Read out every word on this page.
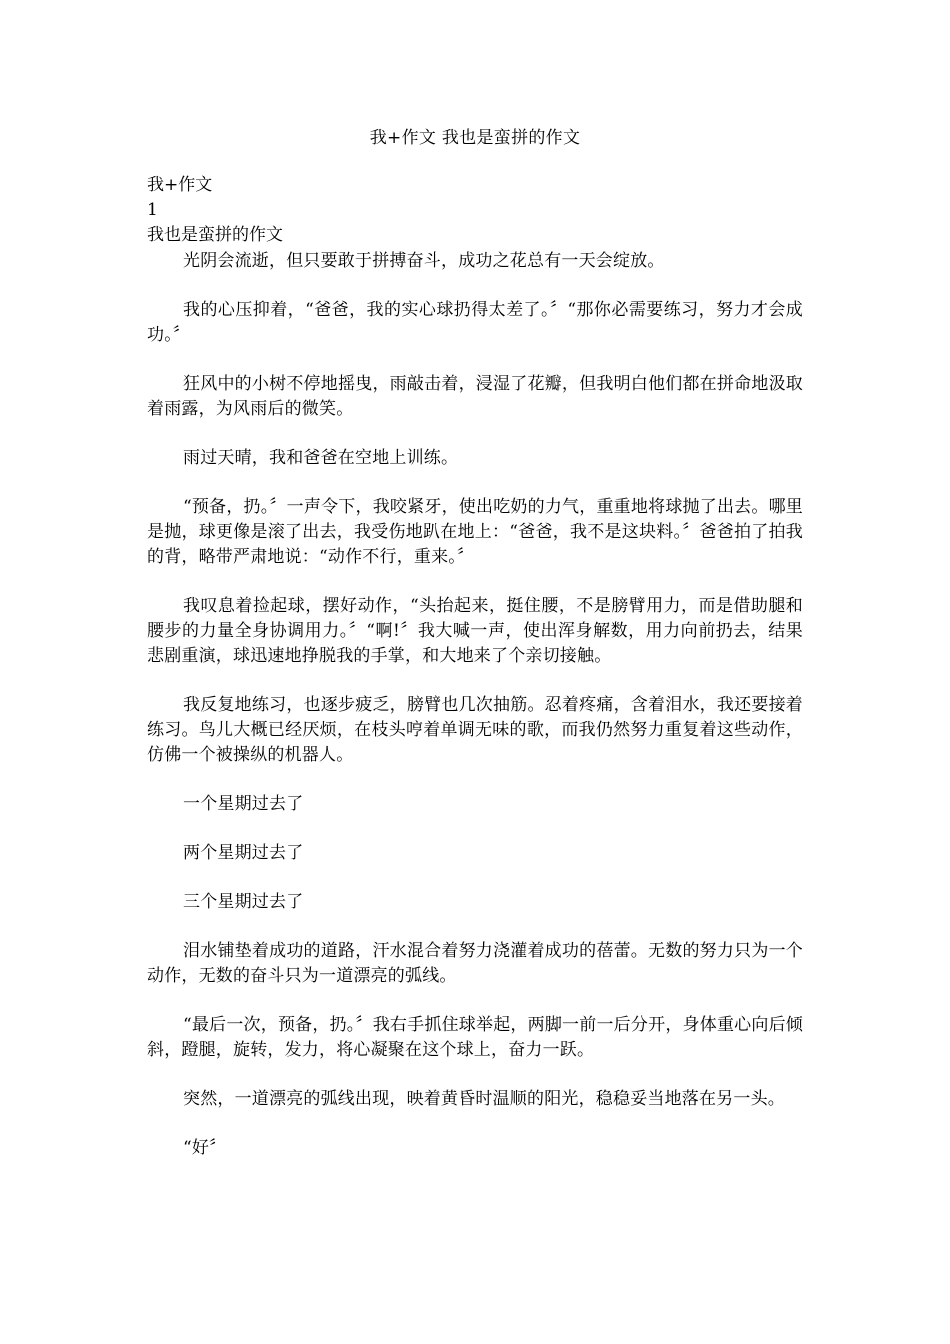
我+作文 我也是蛮拼的作文
我+作文
1
我也是蛮拼的作文

光阴会流逝，但只要敢于拼搏奋斗，成功之花总有一天会绽放。

我的心压抑着，“爸爸，我的实心球扔得太差了。〞“那你必需要练习，努力才会成功。〞

狂风中的小树不停地摇曳，雨敲击着，浸湿了花瓣，但我明白他们都在拼命地汲取着雨露，为风雨后的微笑。

雨过天晴，我和爸爸在空地上训练。

“预备，扔。〞一声令下，我咬紧牙，使出吃奶的力气，重重地将球抛了出去。哪里是抛，球更像是滚了出去，我受伤地趴在地上：“爸爸，我不是这块料。〞爸爸拍了拍我的背，略带严肃地说：“动作不行，重来。〞

我叹息着捡起球，摆好动作，“头抬起来，挺住腰，不是膀臂用力，而是借助腿和腰步的力量全身协调用力。〞“啊!〞我大喊一声，使出浑身解数，用力向前扔去，结果悲剧重演，球迅速地挣脱我的手掌，和大地来了个亲切接触。

我反复地练习，也逐步疲乏，膀臂也几次抽筋。忍着疼痛，含着泪水，我还要接着练习。鸟儿大概已经厌烦，在枝头哼着单调无味的歌，而我仍然努力重复着这些动作，仿佛一个被操纵的机器人。

一个星期过去了

两个星期过去了

三个星期过去了

泪水铺垫着成功的道路，汗水混合着努力浇灌着成功的蓓蕾。无数的努力只为一个动作，无数的奋斗只为一道漂亮的弧线。

“最后一次，预备，扔。〞我右手抓住球举起，两脚一前一后分开，身体重心向后倾斜，蹬腿，旋转，发力，将心凝聚在这个球上，奋力一跃。

突然，一道漂亮的弧线出现，映着黄昏时温顺的阳光，稳稳妥当地落在另一头。

“好〞
